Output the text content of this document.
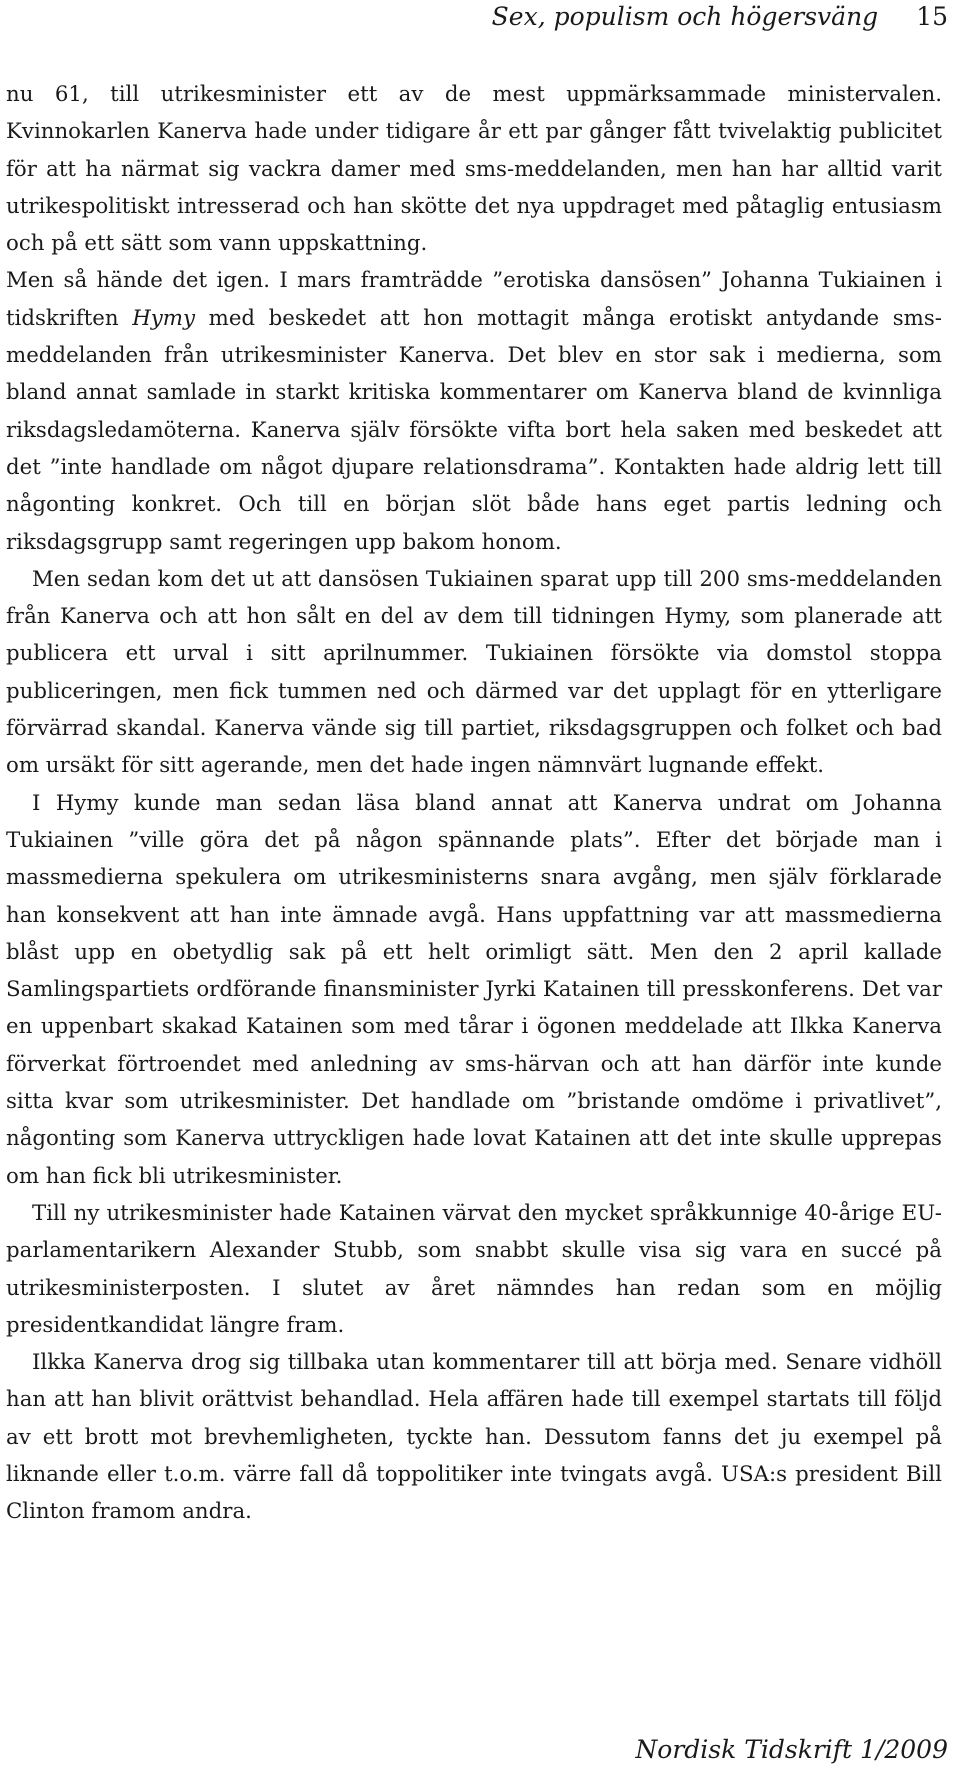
Sex, populism och högersväng 15

nu 61, till utrikesminister ett av de mest uppmärksammade ministervalen. Kvinnokarlen Kanerva hade under tidigare år ett par gånger fått tvivelaktig publicitet för att ha närmat sig vackra damer med sms-meddelanden, men han har alltid varit utrikespolitiskt intresserad och han skötte det nya uppdraget med påtaglig entusiasm och på ett sätt som vann uppskattning.

Men så hände det igen. I mars framträdde ”erotiska dansösen” Johanna Tukiainen i tidskriften Hymy med beskedet att hon mottagit många erotiskt antydande sms-meddelanden från utrikesminister Kanerva. Det blev en stor sak i medierna, som bland annat samlade in starkt kritiska kommentarer om Kanerva bland de kvinnliga riksdagsledamöterna. Kanerva själv försökte vifta bort hela saken med beskedet att det ”inte handlade om något djupare relationsdrama”. Kontakten hade aldrig lett till någonting konkret. Och till en början slöt både hans eget partis ledning och riksdagsgrupp samt regeringen upp bakom honom.

Men sedan kom det ut att dansösen Tukiainen sparat upp till 200 sms-meddelanden från Kanerva och att hon sålt en del av dem till tidningen Hymy, som planerade att publicera ett urval i sitt aprilnummer. Tukiainen försökte via domstol stoppa publiceringen, men fick tummen ned och därmed var det upplagt för en ytterligare förvärrad skandal. Kanerva vände sig till partiet, riksdagsgruppen och folket och bad om ursäkt för sitt agerande, men det hade ingen nämnvärt lugnande effekt.

I Hymy kunde man sedan läsa bland annat att Kanerva undrat om Johanna Tukiainen ”ville göra det på någon spännande plats”. Efter det började man i massmedierna spekulera om utrikesministerns snara avgång, men själv förklarade han konsekvent att han inte ämnade avgå. Hans uppfattning var att massmedierna blåst upp en obetydlig sak på ett helt orimligt sätt. Men den 2 april kallade Samlingspartiets ordförande finansminister Jyrki Katainen till presskonferens. Det var en uppenbart skakad Katainen som med tårar i ögonen meddelade att Ilkka Kanerva förverkat förtroendet med anledning av sms-härvan och att han därför inte kunde sitta kvar som utrikesminister. Det handlade om ”bristande omdöme i privatlivet”, någonting som Kanerva uttryckligen hade lovat Katainen att det inte skulle upprepas om han fick bli utrikesminister.

Till ny utrikesminister hade Katainen värvat den mycket språkkunnige 40-årige EU-parlamentarikern Alexander Stubb, som snabbt skulle visa sig vara en succé på utrikesministerposten. I slutet av året nämndes han redan som en möjlig presidentkandidat längre fram.

Ilkka Kanerva drog sig tillbaka utan kommentarer till att börja med. Senare vidhöll han att han blivit orättvist behandlad. Hela affären hade till exempel startats till följd av ett brott mot brevhemligheten, tyckte han. Dessutom fanns det ju exempel på liknande eller t.o.m. värre fall då toppolitiker inte tvingats avgå. USA:s president Bill Clinton framom andra.

Nordisk Tidskrift 1/2009
